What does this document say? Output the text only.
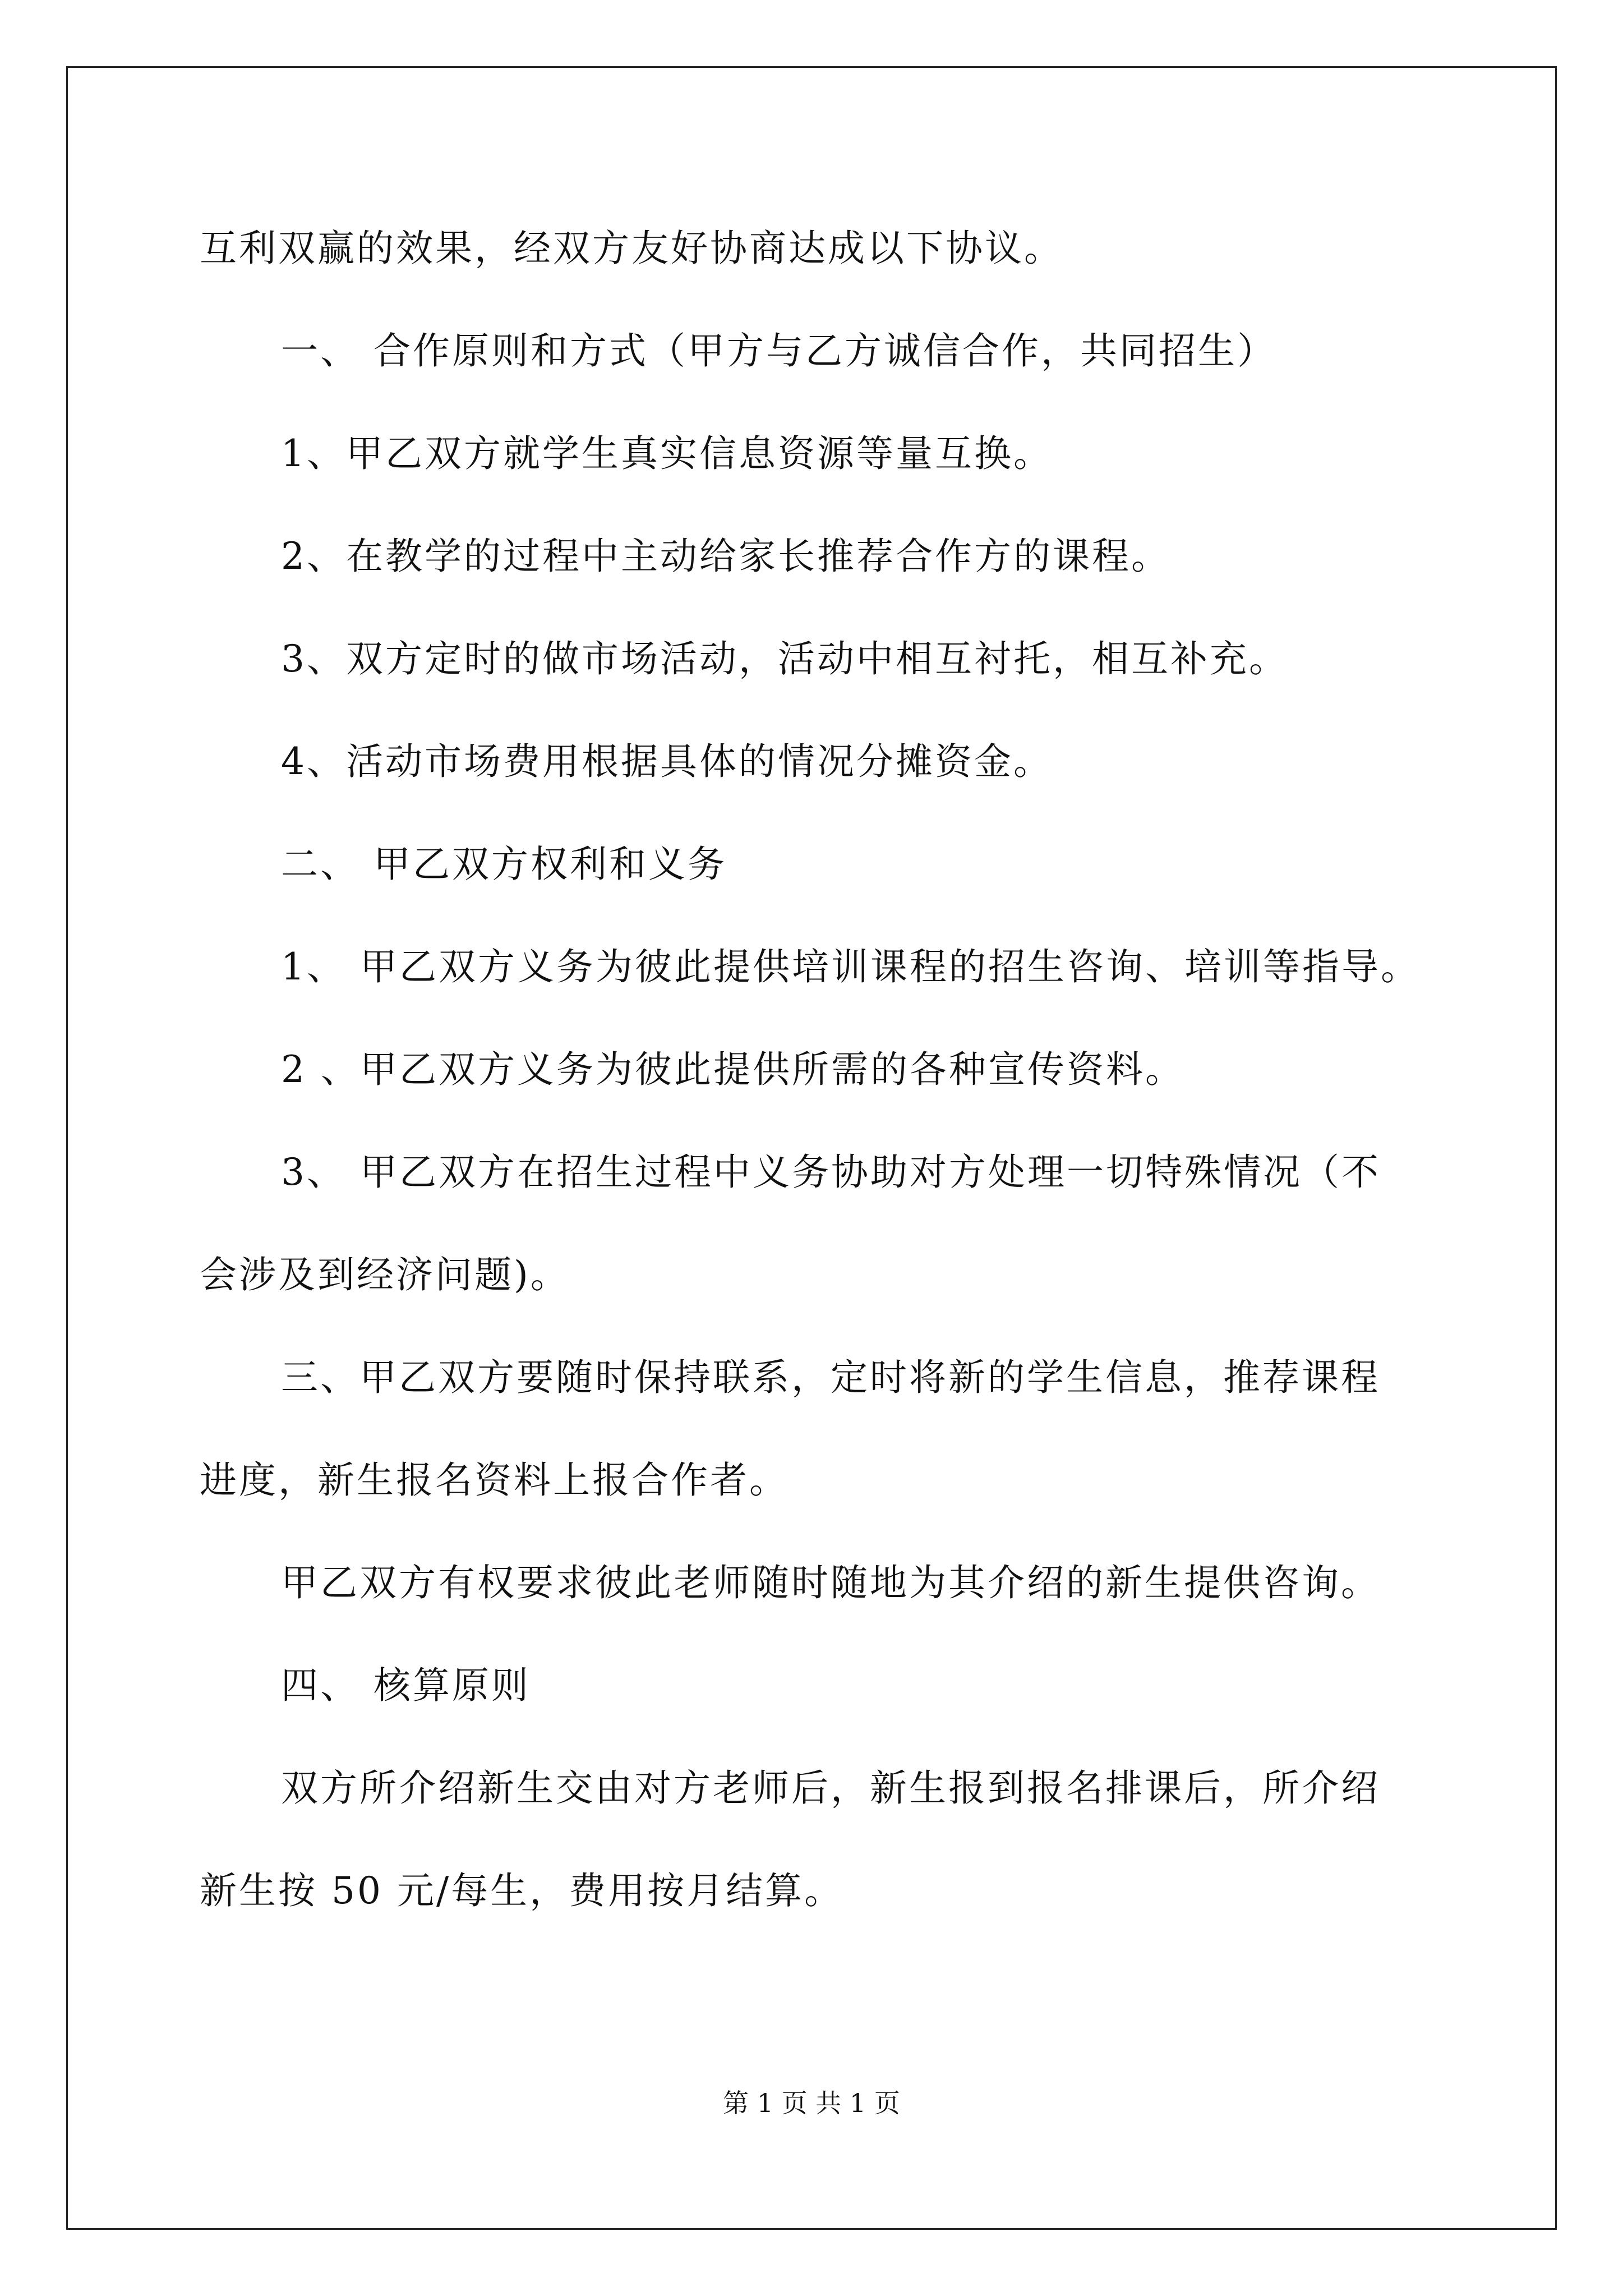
互利双赢的效果，经双方友好协商达成以下协议。
一、 合作原则和方式（甲方与乙方诚信合作，共同招生）
1、甲乙双方就学生真实信息资源等量互换。
2、在教学的过程中主动给家长推荐合作方的课程。
3、双方定时的做市场活动，活动中相互衬托，相互补充。
4、活动市场费用根据具体的情况分摊资金。
二、 甲乙双方权利和义务
1、 甲乙双方义务为彼此提供培训课程的招生咨询、培训等指导。
2 、甲乙双方义务为彼此提供所需的各种宣传资料。
3、 甲乙双方在招生过程中义务协助对方处理一切特殊情况（不
会涉及到经济问题)。
三、甲乙双方要随时保持联系，定时将新的学生信息，推荐课程
进度，新生报名资料上报合作者。
甲乙双方有权要求彼此老师随时随地为其介绍的新生提供咨询。
四、 核算原则
双方所介绍新生交由对方老师后，新生报到报名排课后，所介绍
新生按 50 元/每生，费用按月结算。
第 1 页 共 1 页
